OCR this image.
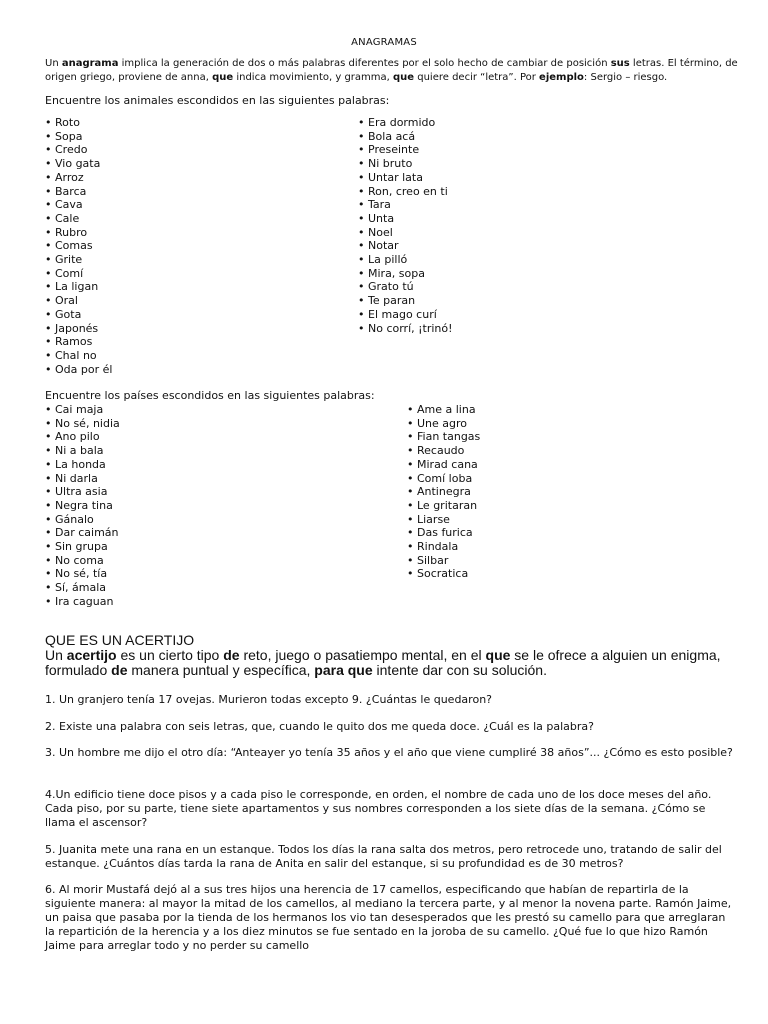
ANAGRAMAS
Un anagrama implica la generación de dos o más palabras diferentes por el solo hecho de cambiar de posición sus letras. El término, de origen griego, proviene de anna, que indica movimiento, y gramma, que quiere decir “letra”. Por ejemplo: Sergio – riesgo.
Encuentre los animales escondidos en las siguientes palabras:
• Roto
• Sopa
• Credo
• Vio gata
• Arroz
• Barca
• Cava
• Cale
• Rubro
• Comas
• Grite
• Comí
• La ligan
• Oral
• Gota
• Japonés
• Ramos
• Chal no
• Oda por él
• Era dormido
• Bola acá
• Preseinte
• Ni bruto
• Untar lata
• Ron, creo en ti
• Tara
• Unta
• Noel
• Notar
• La pilló
• Mira, sopa
• Grato tú
• Te paran
• El mago curí
• No corrí, ¡trinó!
Encuentre los países escondidos en las siguientes palabras:
• Cai maja
• No sé, nidia
• Ano pilo
• Ni a bala
• La honda
• Ni darla
• Ultra asia
• Negra tina
• Gánalo
• Dar caimán
• Sin grupa
• No coma
• No sé, tía
• Sí, ámala
• Ira caguan
• Ame a lina
• Une agro
• Fian tangas
• Recaudo
• Mirad cana
• Comí loba
• Antinegra
• Le gritaran
• Liarse
• Das furica
• Rindala
• Silbar
• Socratica
QUE ES UN ACERTIJO
Un acertijo es un cierto tipo de reto, juego o pasatiempo mental, en el que se le ofrece a alguien un enigma, formulado de manera puntual y específica, para que intente dar con su solución.
1. Un granjero tenía 17 ovejas. Murieron todas excepto 9. ¿Cuántas le quedaron?
2. Existe una palabra con seis letras, que, cuando le quito dos me queda doce. ¿Cuál es la palabra?
3. Un hombre me dijo el otro día: “Anteayer yo tenía 35 años y el año que viene cumpliré 38 años”... ¿Cómo es esto posible?
4.Un edificio tiene doce pisos y a cada piso le corresponde, en orden, el nombre de cada uno de los doce meses del año. Cada piso, por su parte, tiene siete apartamentos y sus nombres corresponden a los siete días de la semana. ¿Cómo se llama el ascensor?
5. Juanita mete una rana en un estanque. Todos los días la rana salta dos metros, pero retrocede uno, tratando de salir del estanque. ¿Cuántos días tarda la rana de Anita en salir del estanque, si su profundidad es de 30 metros?
6. Al morir Mustafá dejó al a sus tres hijos una herencia de 17 camellos, especificando que habían de repartirla de la siguiente manera: al mayor la mitad de los camellos, al mediano la tercera parte, y al menor la novena parte. Ramón Jaime, un paisa que pasaba por la tienda de los hermanos los vio tan desesperados que les prestó su camello para que arreglaran la repartición de la herencia y a los diez minutos se fue sentado en la joroba de su camello. ¿Qué fue lo que hizo Ramón Jaime para arreglar todo y no perder su camello
